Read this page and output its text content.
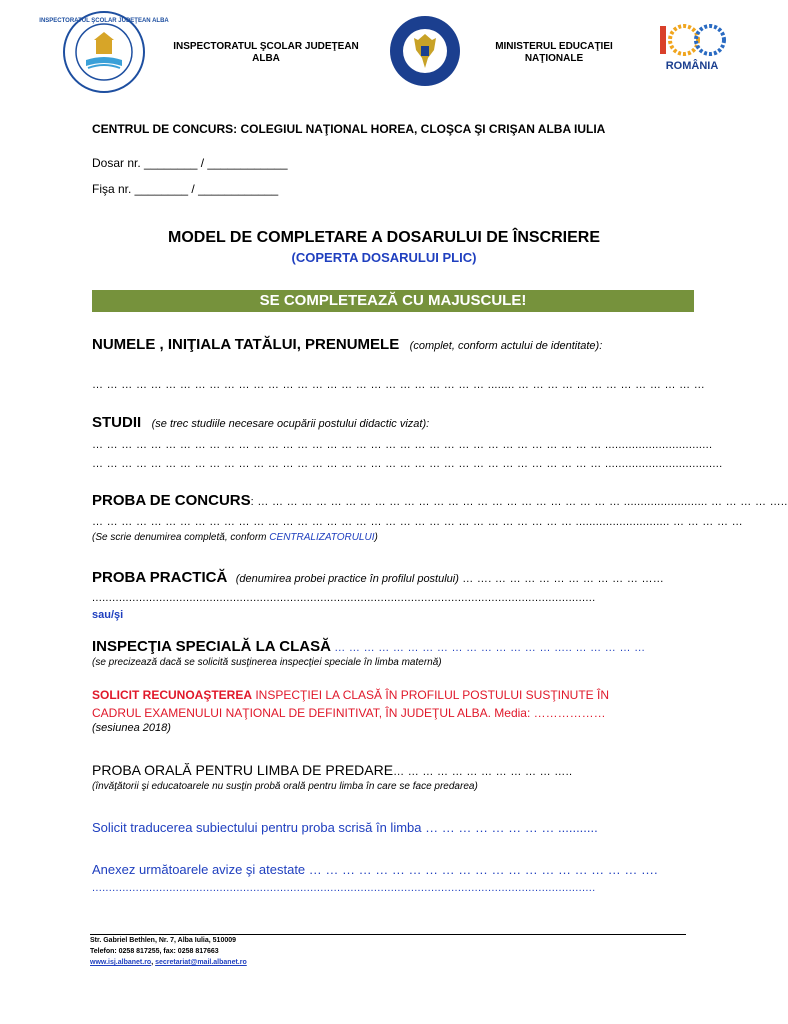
INSPECTORATUL ŞCOLAR JUDEŢEAN ALBA
INSPECTORATUL ŞCOLAR JUDEŢEAN ALBA
GUVERNUL ROMÂNIEI
MINISTERUL EDUCAŢIEI NAŢIONALE
ROMÂNIA
CENTRUL DE CONCURS: COLEGIUL NAŢIONAL HOREA, CLOŞCA ŞI CRIŞAN ALBA IULIA
Dosar nr. ________ / ____________
Fişa nr. ________ / ____________
MODEL DE COMPLETARE A DOSARULUI DE ÎNSCRIERE
(COPERTA DOSARULUI PLIC)
SE COMPLETEAZĂ CU MAJUSCULE!
NUMELE , INIŢIALA TATĂLUI, PRENUMELE (complet, conform actului de identitate):
… … … … … … … … … … … … … … … … … … … … … … … … … … … ........ … … … … … … … … … … … … …
STUDII (se trec studiile necesare ocupării postului didactic vizat):
… … … … … … … … … … … … … … … … … … … … … … … … … … … … … … … … … … … ................................
… … … … … … … … … … … … … … … … … … … … … … … … … … … … … … … … … … … ...................................
PROBA DE CONCURS: … … … … … … … … … … … … … … … … … … … … … … … … … ......................... … … … … …..
… … … … … … … … … … … … … … … … … … … … … … … … … … … … … … … … … ............................ … … … … …
(Se scrie denumirea completă, conform CENTRALIZATORULUI)
PROBA PRACTICĂ (denumirea probei practice în profilul postului) … …. … … … … … … … … … … ……
......................................................................................................................................................
sau/şi
INSPECŢIA SPECIALĂ LA CLASĂ … … … … … … … … … … … … … … … ….. … … … … …
(se precizează dacă se solicită susţinerea inspecţiei speciale în limba maternă)
SOLICIT RECUNOAŞTEREA INSPECŢIEI LA CLASĂ ÎN PROFILUL POSTULUI SUSŢINUTE ÎN
CADRUL EXAMENULUI NAŢIONAL DE DEFINITIVAT, ÎN JUDEŢUL ALBA. Media: ………………
(sesiunea 2018)
PROBA ORALĂ PENTRU LIMBA DE PREDARE… … … … … … … … … … … …..
(învăţătorii şi educatoarele nu susţin probă orală pentru limba în care se face predarea)
Solicit traducerea subiectului pentru proba scrisă în limba … … … … … … … … ...........
Anexez următoarele avize şi atestate … … … … … … … … … … … … … … … … … … … … ….
......................................................................................................................................................
Str. Gabriel Bethlen, Nr. 7, Alba Iulia, 510009
Telefon: 0258 817255, fax: 0258 817663
www.isj.albanet.ro, secretariat@mail.albanet.ro
